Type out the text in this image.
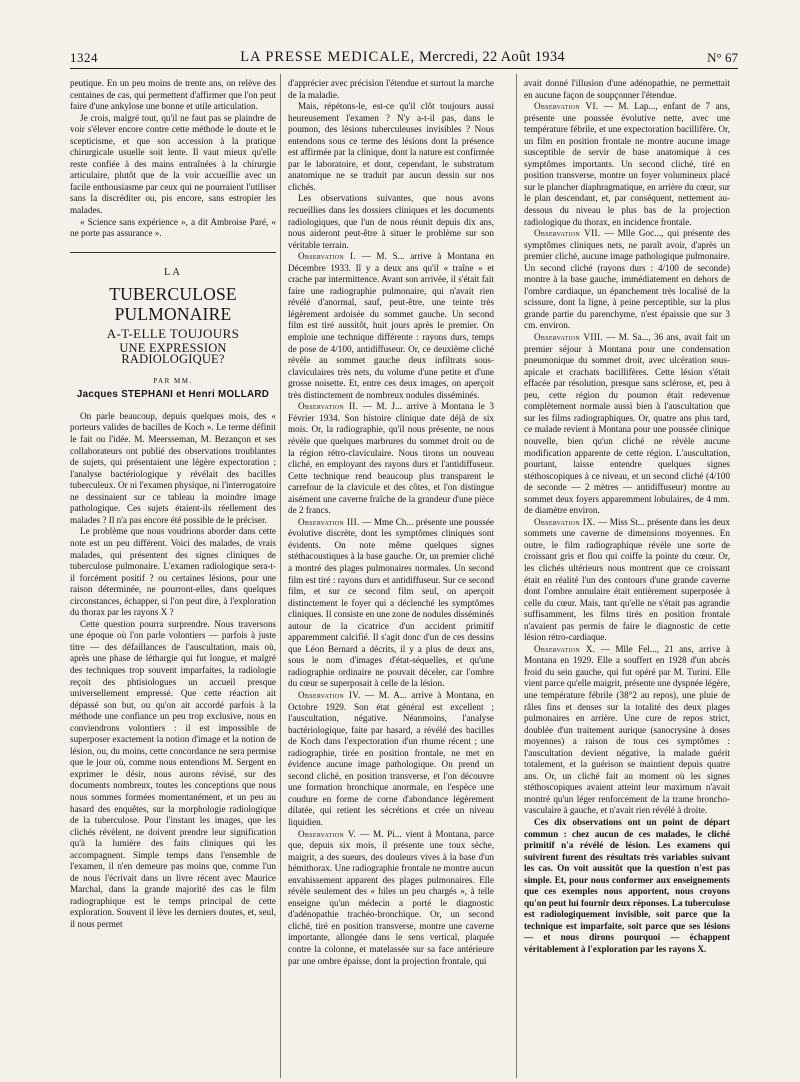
1324	LA PRESSE MEDICALE, Mercredi, 22 Août 1934	N° 67

peutique. En un peu moins de trente ans, on relève des centaines de cas, qui permettent d'affirmer que l'on peut faire d'une ankylose une bonne et utile articulation.

Je crois, malgré tout, qu'il ne faut pas se plaindre de voir s'élever encore contre cette méthode le doute et le scepticisme, et que son accession à la pratique chirurgicale usuelle soit lente. Il vaut mieux qu'elle reste confiée à des mains entraînées à la chirurgie articulaire, plutôt que de la voir accueillie avec un facile enthousiasme par ceux qui ne pourraient l'utiliser sans la discréditer ou, pis encore, sans estropier les malades.

« Science sans expérience », a dit Ambroise Paré, « ne porte pas assurance ».

LA
TUBERCULOSE PULMONAIRE
A-T-ELLE TOUJOURS
UNE EXPRESSION RADIOLOGIQUE?
PAR MM.
Jacques STEPHANI et Henri MOLLARD

On parle beaucoup, depuis quelques mois, des « porteurs valides de bacilles de Koch ». Le terme définit le fait ou l'idée. M. Meersseman, M. Bezançon et ses collaborateurs ont publié des observations troublantes de sujets, qui présentaient une légère expectoration ; l'analyse bactériologique y révélait des bacilles tuberculeux. Or ni l'examen physique, ni l'interrogatoire ne dessinaient sur ce tableau la moindre image pathologique. Ces sujets étaient-ils réellement des malades ? Il n'a pas encore été possible de le préciser.

Le problème que nous voudrions aborder dans cette note est un peu différent. Voici des malades, de vrais malades, qui présentent des signes cliniques de tuberculose pulmonaire. L'examen radiologique sera-t-il forcément positif ? ou certaines lésions, pour une raison déterminée, ne pourront-elles, dans quelques circonstances, échapper, si l'on peut dire, à l'exploration du thorax par les rayons X ?

Cette question pourra surprendre. Nous traversons une époque où l'on parle volontiers — parfois à juste titre — des défaillances de l'auscultation, mais où, après une phase de léthargie qui fut longue, et malgré des techniques trop souvent imparfaites, la radiologie reçoit des phtisiologues un accueil presque universellement empressé. Que cette réaction ait dépassé son but, ou qu'on ait accordé parfois à la méthode une confiance un peu trop exclusive, nous en conviendrons volontiers : il est impossible de superposer exactement la notion d'image et la notion de lésion, ou, du moins, cette concordance ne sera permise que le jour où, comme nous entendions M. Sergent en exprimer le désir, nous aurons révisé, sur des documents nombreux, toutes les conceptions que nous nous sommes formées momentanément, et un peu au hasard des enquêtes, sur la morphologie radiologique de la tuberculose. Pour l'instant les images, que les clichés révèlent, ne doivent prendre leur signification qu'à la lumière des faits cliniques qui les accompagnent. Simple temps dans l'ensemble de l'examen, il n'en demeure pas moins que, comme l'un de nous l'écrivait dans un livre récent avec Maurice Marchal, dans la grande majorité des cas le film radiographique est le temps principal de cette exploration. Souvent il lève les derniers doutes, et, seul, il nous permet

d'apprécier avec précision l'étendue et surtout la marche de la maladie.

Mais, répétons-le, est-ce qu'il clôt toujours aussi heureusement l'examen ? N'y a-t-il pas, dans le poumon, des lésions tuberculeuses invisibles ? Nous entendons sous ce terme des lésions dont la présence est affirmée par la clinique, dont la nature est confirmée par le laboratoire, et dont, cependant, le substratum anatomique ne se traduit par aucun dessin sur nos clichés.

Les observations suivantes, que nous avons recueillies dans les dossiers cliniques et les documents radiologiques, que l'un de nous réunit depuis dix ans, nous aideront peut-être à situer le problème sur son véritable terrain.

Observation I. — M. S... arrive à Montana en Décembre 1933. Il y a deux ans qu'il « traîne » et crache par intermittence. Avant son arrivée, il s'était fait faire une radiographie pulmonaire, qui n'avait rien révélé d'anormal, sauf, peut-être, une teinte très légèrement ardoisée du sommet gauche. Un second film est tiré aussitôt, huit jours après le premier. On emploie une technique différente : rayons durs, temps de pose de 4/100, antidiffuseur. Or, ce deuxième cliché révèle au sommet gauche deux infiltrats sous-claviculaires très nets, du volume d'une petite et d'une grosse noisette. Et, entre ces deux images, on aperçoit très distinctement de nombreux nodules disséminés.

Observation II. — M. J... arrive à Montana le 3 Février 1934. Son histoire clinique date déjà de six mois. Or, la radiographie, qu'il nous présente, ne nous révèle que quelques marbrures du sommet droit ou de la région rétro-claviculaire. Nous tirons un nouveau cliché, en employant des rayons durs et l'antidiffuseur. Cette technique rend beaucoup plus transparent le carrefour de la clavicule et des côtes, et l'on distingue aisément une caverne fraîche de la grandeur d'une pièce de 2 francs.

Observation III. — Mme Ch... présente une poussée évolutive discrète, dont les symptômes cliniques sont évidents. On note même quelques signes stéthacoustiques à la base gauche. Or, un premier cliché a montré des plages pulmonaires normales. Un second film est tiré : rayons durs et antidiffuseur. Sur ce second film, et sur ce second film seul, on aperçoit distinctement le foyer qui a déclenché les symptômes cliniques. Il consiste en une zone de nodules disséminés autour de la cicatrice d'un accident primitif apparemment calcifié. Il s'agit donc d'un de ces dessins que Léon Bernard a décrits, il y a plus de deux ans, sous le nom d'images d'état-séquelles, et qu'une radiographie ordinaire ne pouvait déceler, car l'ombre du cœur se superposait à celle de la lésion.

Observation IV. — M. A... arrive à Montana, en Octobre 1929. Son état général est excellent ; l'auscultation, négative. Néanmoins, l'analyse bactériologique, faite par hasard, a révélé des bacilles de Koch dans l'expectoration d'un rhume récent ; une radiographie, tirée en position frontale, ne met en évidence aucune image pathologique. On prend un second cliché, en position transverse, et l'on découvre une formation bronchique anormale, en l'espèce une coudure en forme de corne d'abondance légèrement dilatée, qui retient les sécrétions et crée un niveau liquidien.

Observation V. — M. Pi... vient à Montana, parce que, depuis six mois, il présente une toux sèche, maigrit, a des sueurs, des douleurs vives à la base d'un hémithorax. Une radiographie frontale ne montre aucun envahissement apparent des plages pulmonaires. Elle révèle seulement des « hiles un peu chargés », à telle enseigne qu'un médecin a porté le diagnostic d'adénopathie trachéo-bronchique. Or, un second cliché, tiré en position transverse, montre une caverne importante, allongée dans le sens vertical, plaquée contre la colonne, et matelassée sur sa face antérieure par une ombre épaisse, dont la projection frontale, qui

avait donné l'illusion d'une adénopathie, ne permettait en aucune façon de soupçonner l'étendue.

Observation VI. — M. Lap..., enfant de 7 ans, présente une poussée évolutive nette, avec une température fébrile, et une expectoration bacillifère. Or, un film en position frontale ne montre aucune image susceptible de servir de base anatomique à ces symptômes importants. Un second cliché, tiré en position transverse, montre un foyer volumineux placé sur le plancher diaphragmatique, en arrière du cœur, sur le plan descendant, et, par conséquent, nettement au-dessous du niveau le plus bas de la projection radiologique du thorax, en incidence frontale.

Observation VII. — Mlle Goc..., qui présente des symptômes cliniques nets, ne paraît avoir, d'après un premier cliché, aucune image pathologique pulmonaire. Un second cliché (rayons durs : 4/100 de seconde) montre à la base gauche, immédiatement en dehors de l'ombre cardiaque, un épanchement très localisé de la scissure, dont la ligne, à peine perceptible, sur la plus grande partie du parenchyme, n'est épaissie que sur 3 cm. environ.

Observation VIII. — M. Sa..., 36 ans, avait fait un premier séjour à Montana pour une condensation pneumonique du sommet droit, avec ulcération sous-apicale et crachats bacillifères. Cette lésion s'était effacée par résolution, presque sans sclérose, et, peu à peu, cette région du poumon était redevenue complètement normale aussi bien à l'auscultation que sur les films radiographiques. Or, quatre ans plus tard, ce malade revient à Montana pour une poussée clinique nouvelle, bien qu'un cliché ne révèle aucune modification apparente de cette région. L'auscultation, pourtant, laisse entendre quelques signes stéthoscopiques à ce niveau, et un second cliché (4/100 de seconde — 2 mètres — antidiffuseur) montre au sommet deux foyers apparemment lobulaires, de 4 mm. de diamètre environ.

Observation IX. — Miss St... présente dans les deux sommets une caverne de dimensions moyennes. En outre, le film radiographique révèle une sorte de croissant gris et flou qui coiffe la pointe du cœur. Or, les clichés ultérieurs nous montrent que ce croissant était en réalité l'un des contours d'une grande caverne dont l'ombre annulaire était entièrement superposée à celle du cœur. Mais, tant qu'elle ne s'était pas agrandie suffisamment, les films tirés en position frontale n'avaient pas permis de faire le diagnostic de cette lésion rétro-cardiaque.

Observation X. — Mlle Fel..., 21 ans, arrive à Montana en 1929. Elle a souffert en 1928 d'un abcès froid du sein gauche, qui fut opéré par M. Turini. Elle vient parce qu'elle maigrit, présente une dyspnée légère, une température fébrile (38°2 au repos), une pluie de râles fins et denses sur la totalité des deux plages pulmonaires en arrière. Une cure de repos strict, doublée d'un traitement aurique (sanocrysine à doses moyennes) a raison de tous ces symptômes : l'auscultation devient négative, la malade guérit totalement, et la guérison se maintient depuis quatre ans. Or, un cliché fait au moment où les signes stéthoscopiques avaient atteint leur maximum n'avait montré qu'un léger renforcement de la trame broncho-vasculaire à gauche, et n'avait rien révélé à droite.

Ces dix observations ont un point de départ commun : chez aucun de ces malades, le cliché primitif n'a révélé de lésion. Les examens qui suivirent furent des résultats très variables suivant les cas. On voit aussitôt que la question n'est pas simple. Et, pour nous conformer aux enseignements que ces exemples nous apportent, nous croyons qu'on peut lui fournir deux réponses. La tuberculose est radiologiquement invisible, soit parce que la technique est imparfaite, soit parce que ses lésions — et nous dirons pourquoi — échappent véritablement à l'exploration par les rayons X.
